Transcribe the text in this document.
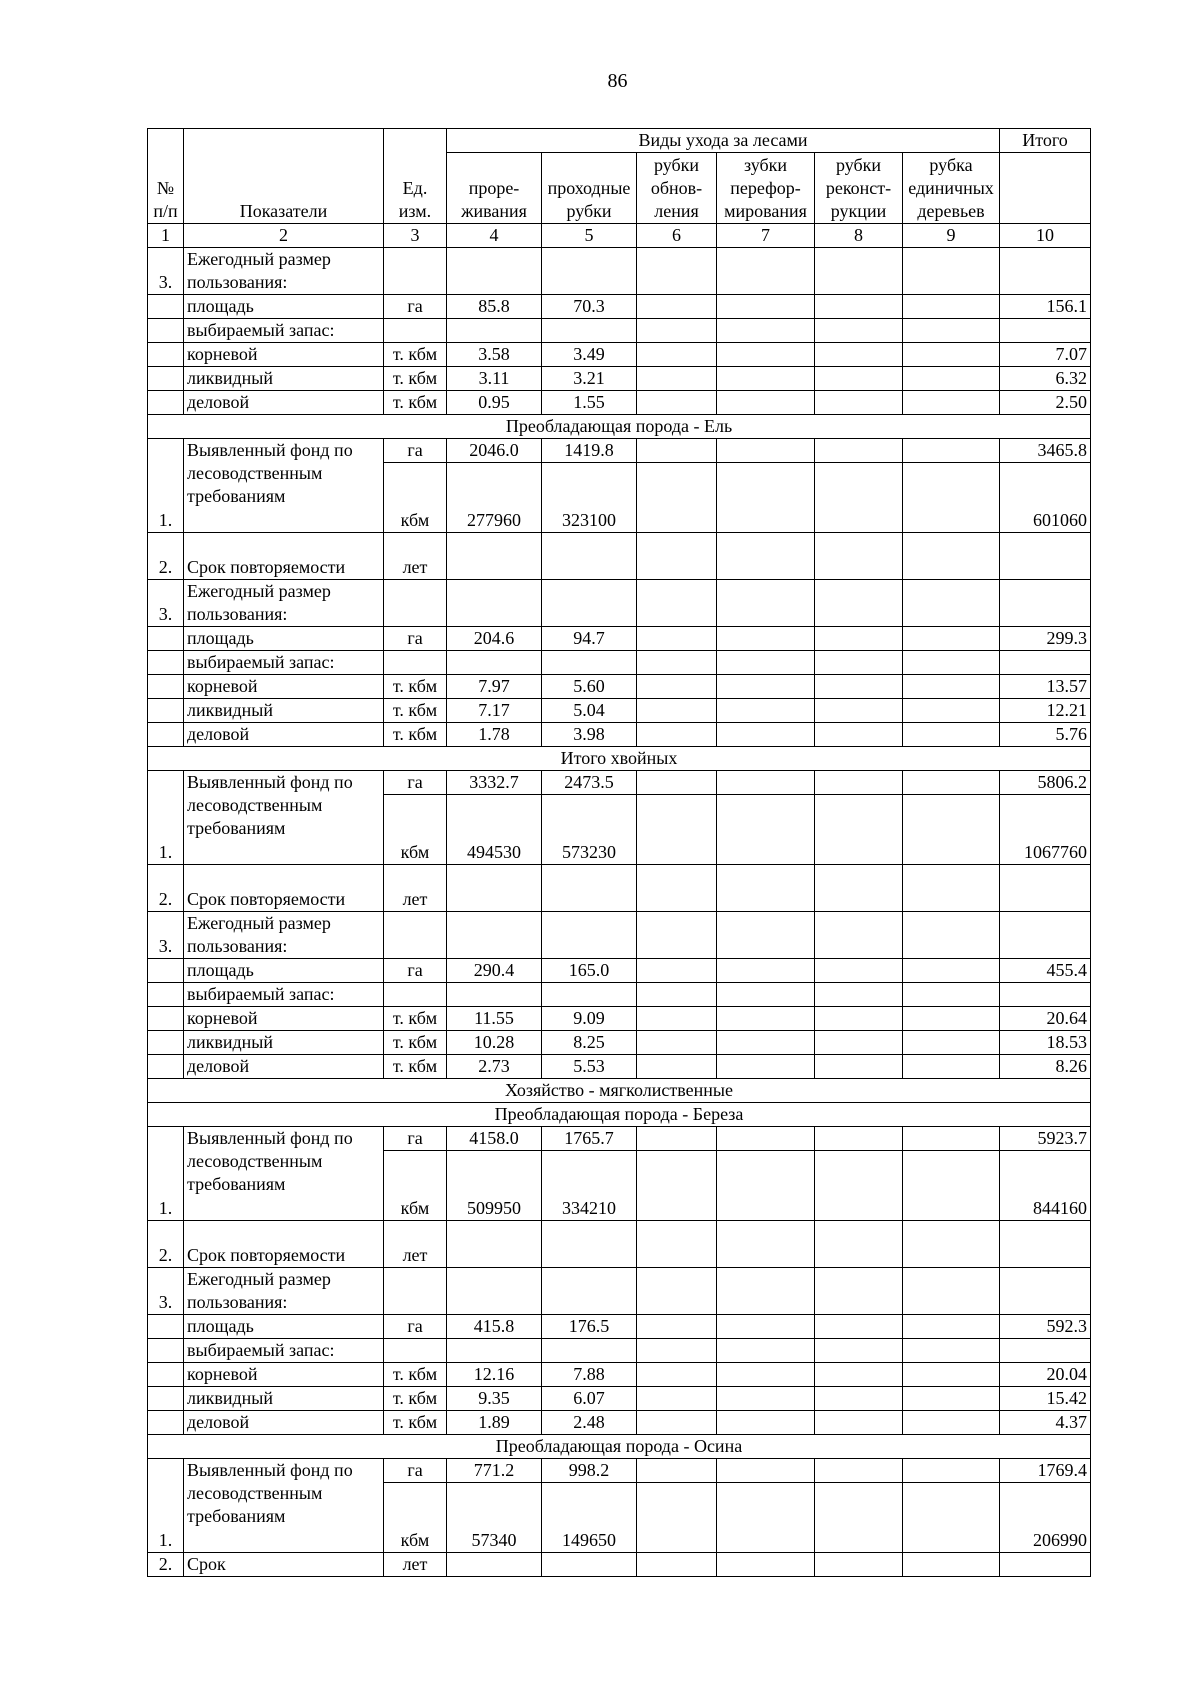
86
№ п/п	Показатели	Ед. изм.	Виды ухода за лесами						Итого
			проре-живания	проходные рубки	рубки обнов-ления	зубки перефор-мирования	рубки реконст-рукции	рубка единичных деревьев	
1	2	3	4	5	6	7	8	9	10
3.	Ежегодный размер пользования:								
	площадь	га	85.8	70.3					156.1
	выбираемый запас:								
	корневой	т. кбм	3.58	3.49					7.07
	ликвидный	т. кбм	3.11	3.21					6.32
	деловой	т. кбм	0.95	1.55					2.50
Преобладающая порода - Ель									
1.	Выявленный фонд по лесоводственным требованиям	га	2046.0	1419.8					3465.8
		кбм	277960	323100					601060
2.	Срок повторяемости	лет							
3.	Ежегодный размер пользования:								
	площадь	га	204.6	94.7					299.3
	выбираемый запас:								
	корневой	т. кбм	7.97	5.60					13.57
	ликвидный	т. кбм	7.17	5.04					12.21
	деловой	т. кбм	1.78	3.98					5.76
Итого хвойных									
1.	Выявленный фонд по лесоводственным требованиям	га	3332.7	2473.5					5806.2
		кбм	494530	573230					1067760
2.	Срок повторяемости	лет							
3.	Ежегодный размер пользования:								
	площадь	га	290.4	165.0					455.4
	выбираемый запас:								
	корневой	т. кбм	11.55	9.09					20.64
	ликвидный	т. кбм	10.28	8.25					18.53
	деловой	т. кбм	2.73	5.53					8.26
Хозяйство - мягколиственные									
Преобладающая порода - Береза									
1.	Выявленный фонд по лесоводственным требованиям	га	4158.0	1765.7					5923.7
		кбм	509950	334210					844160
2.	Срок повторяемости	лет							
3.	Ежегодный размер пользования:								
	площадь	га	415.8	176.5					592.3
	выбираемый запас:								
	корневой	т. кбм	12.16	7.88					20.04
	ликвидный	т. кбм	9.35	6.07					15.42
	деловой	т. кбм	1.89	2.48					4.37
Преобладающая порода - Осина									
1.	Выявленный фонд по лесоводственным требованиям	га	771.2	998.2					1769.4
		кбм	57340	149650					206990
2.	Срок	лет							
